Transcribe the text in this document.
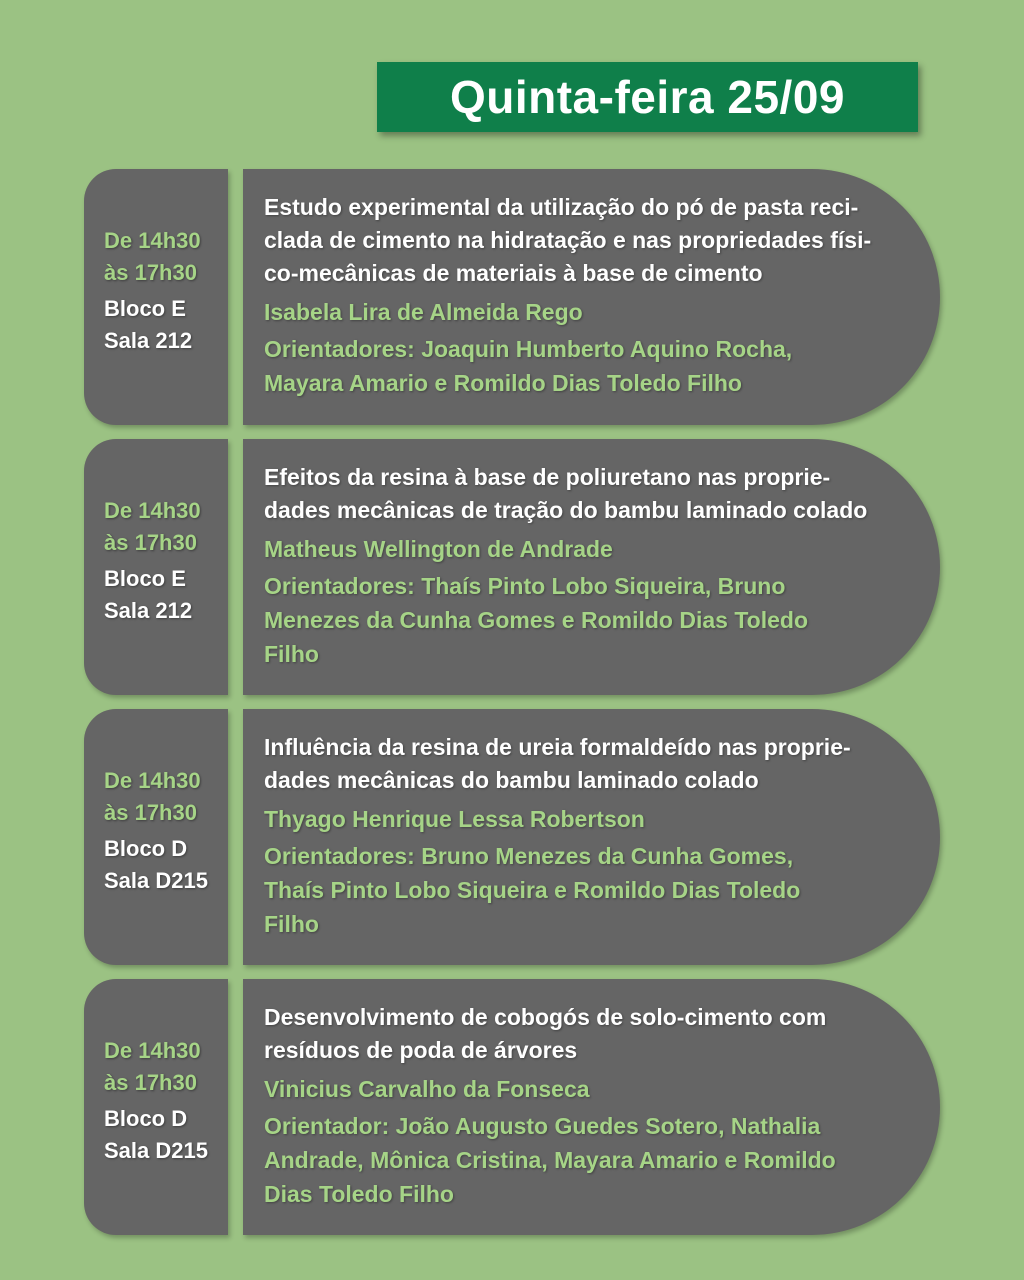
Quinta-feira 25/09
De 14h30
às 17h30
Bloco E
Sala 212
Estudo experimental da utilização do pó de pasta reci-
clada de cimento na hidratação e nas propriedades físi-
co-mecânicas de materiais à base de cimento
Isabela Lira de Almeida Rego
Orientadores: Joaquin Humberto Aquino Rocha,
Mayara Amario e Romildo Dias Toledo Filho
De 14h30
às 17h30
Bloco E
Sala 212
Efeitos da resina à base de poliuretano nas proprie-
dades mecânicas de tração do bambu laminado colado
Matheus Wellington de Andrade
Orientadores: Thaís Pinto Lobo Siqueira, Bruno
Menezes da Cunha Gomes e Romildo Dias Toledo
Filho
De 14h30
às 17h30
Bloco D
Sala D215
Influência da resina de ureia formaldeído nas proprie-
dades mecânicas do bambu laminado colado
Thyago Henrique Lessa Robertson
Orientadores: Bruno Menezes da Cunha Gomes,
Thaís Pinto Lobo Siqueira e Romildo Dias Toledo
Filho
De 14h30
às 17h30
Bloco D
Sala D215
Desenvolvimento de cobogós de solo-cimento com
resíduos de poda de árvores
Vinicius Carvalho da Fonseca
Orientador: João Augusto Guedes Sotero, Nathalia
Andrade, Mônica Cristina, Mayara Amario e Romildo
Dias Toledo Filho
